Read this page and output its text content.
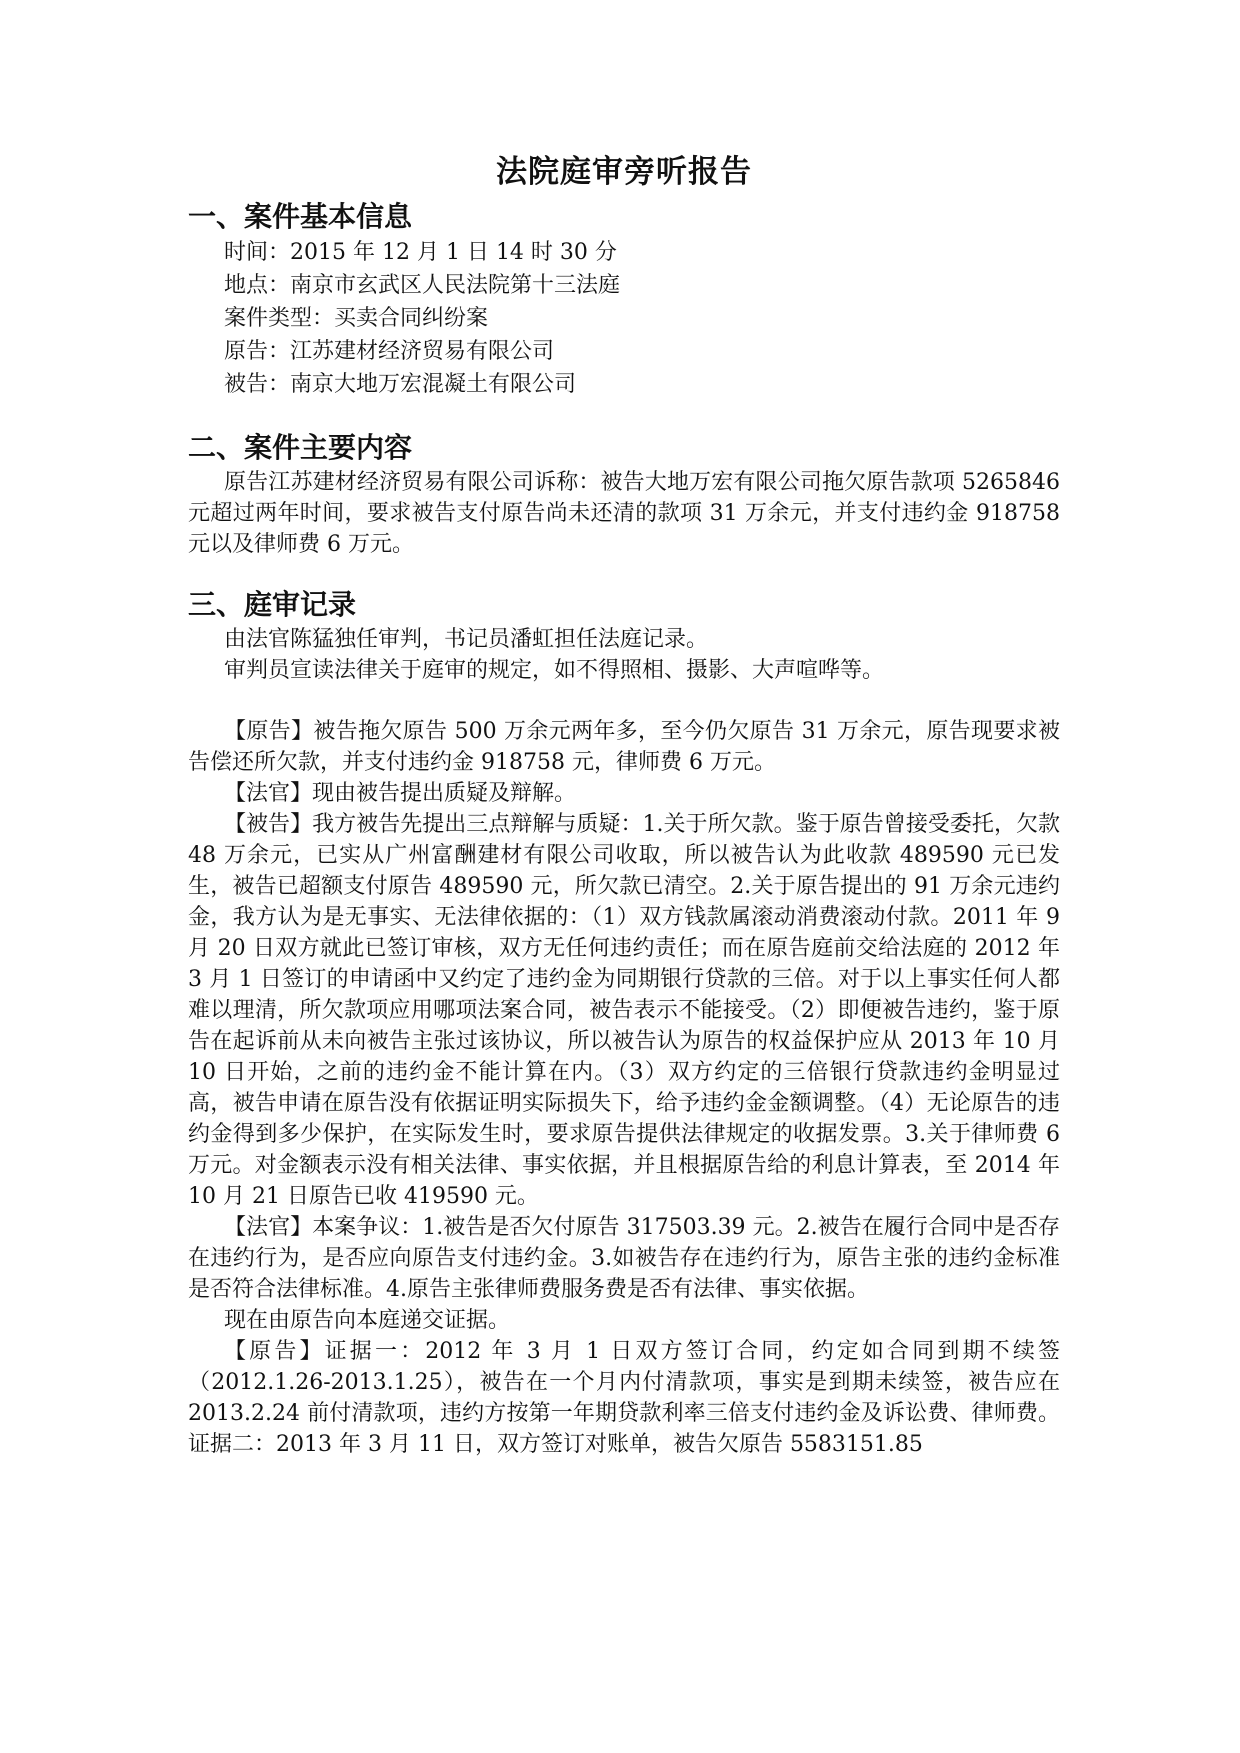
法院庭审旁听报告
一、案件基本信息

时间：2015 年 12 月 1 日 14 时 30 分

地点：南京市玄武区人民法院第十三法庭

案件类型：买卖合同纠纷案

原告：江苏建材经济贸易有限公司

被告：南京大地万宏混凝土有限公司

二、案件主要内容

原告江苏建材经济贸易有限公司诉称：被告大地万宏有限公司拖欠原告款项 5265846 元超过两年时间，要求被告支付原告尚未还清的款项 31 万余元，并支付违约金 918758 元以及律师费 6 万元。

三、庭审记录

由法官陈猛独任审判，书记员潘虹担任法庭记录。

审判员宣读法律关于庭审的规定，如不得照相、摄影、大声喧哗等。

【原告】被告拖欠原告 500 万余元两年多，至今仍欠原告 31 万余元，原告现要求被告偿还所欠款，并支付违约金 918758 元，律师费 6 万元。

【法官】现由被告提出质疑及辩解。

【被告】我方被告先提出三点辩解与质疑：1.关于所欠款。鉴于原告曾接受委托，欠款 48 万余元，已实从广州富酬建材有限公司收取，所以被告认为此收款 489590 元已发生，被告已超额支付原告 489590 元，所欠款已清空。2.关于原告提出的 91 万余元违约金，我方认为是无事实、无法律依据的：（1）双方钱款属滚动消费滚动付款。2011 年 9 月 20 日双方就此已签订审核，双方无任何违约责任；而在原告庭前交给法庭的 2012 年 3 月 1 日签订的申请函中又约定了违约金为同期银行贷款的三倍。对于以上事实任何人都难以理清，所欠款项应用哪项法案合同，被告表示不能接受。（2）即便被告违约，鉴于原告在起诉前从未向被告主张过该协议，所以被告认为原告的权益保护应从 2013 年 10 月 10 日开始，之前的违约金不能计算在内。（3）双方约定的三倍银行贷款违约金明显过高，被告申请在原告没有依据证明实际损失下，给予违约金金额调整。（4）无论原告的违约金得到多少保护，在实际发生时，要求原告提供法律规定的收据发票。3.关于律师费 6 万元。对金额表示没有相关法律、事实依据，并且根据原告给的利息计算表，至 2014 年 10 月 21 日原告已收 419590 元。

【法官】本案争议：1.被告是否欠付原告 317503.39 元。2.被告在履行合同中是否存在违约行为，是否应向原告支付违约金。3.如被告存在违约行为，原告主张的违约金标准是否符合法律标准。4.原告主张律师费服务费是否有法律、事实依据。

现在由原告向本庭递交证据。

【原告】证据一：2012 年 3 月 1 日双方签订合同，约定如合同到期不续签（2012.1.26-2013.1.25），被告在一个月内付清款项，事实是到期未续签，被告应在 2013.2.24 前付清款项，违约方按第一年期贷款利率三倍支付违约金及诉讼费、律师费。证据二：2013 年 3 月 11 日，双方签订对账单，被告欠原告 5583151.85
